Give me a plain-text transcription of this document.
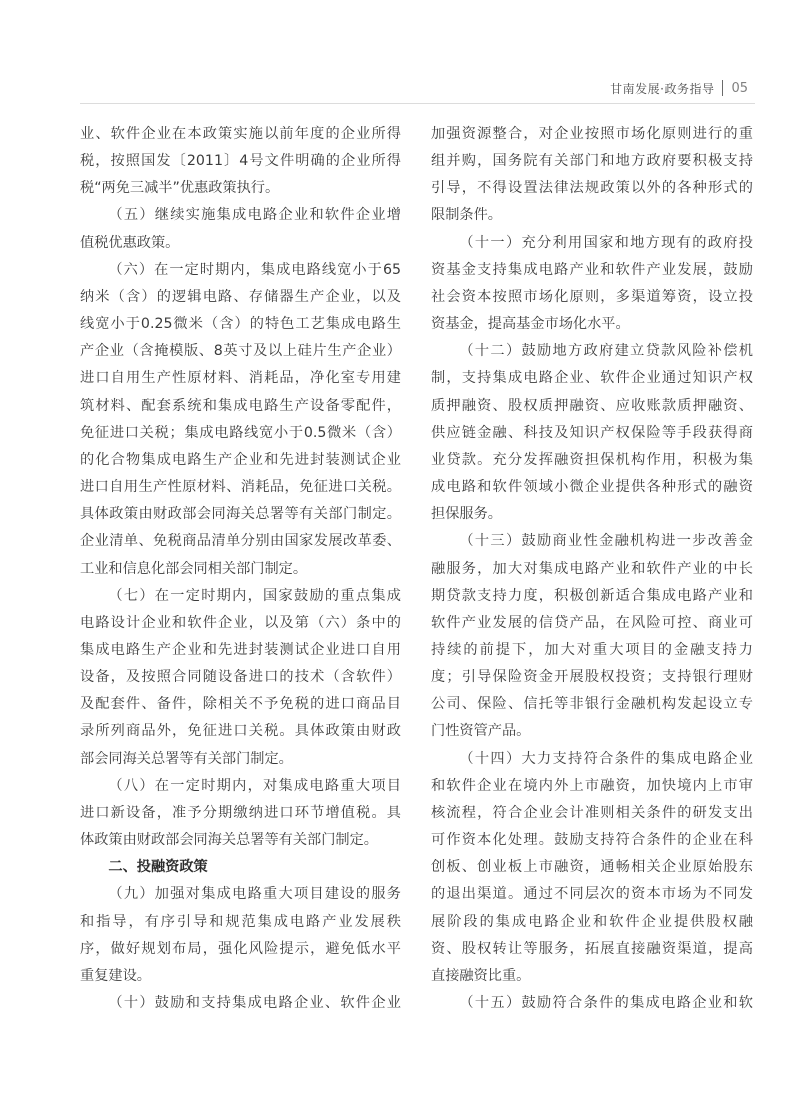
甘南发展·政务指导 05
业、软件企业在本政策实施以前年度的企业所得
税，按照国发〔2011〕4号文件明确的企业所得
税“两免三减半”优惠政策执行。
（五）继续实施集成电路企业和软件企业增
值税优惠政策。
（六）在一定时期内，集成电路线宽小于65
纳米（含）的逻辑电路、存储器生产企业，以及
线宽小于0.25微米（含）的特色工艺集成电路生
产企业（含掩模版、8英寸及以上硅片生产企业）
进口自用生产性原材料、消耗品，净化室专用建
筑材料、配套系统和集成电路生产设备零配件，
免征进口关税；集成电路线宽小于0.5微米（含）
的化合物集成电路生产企业和先进封装测试企业
进口自用生产性原材料、消耗品，免征进口关税。
具体政策由财政部会同海关总署等有关部门制定。
企业清单、免税商品清单分别由国家发展改革委、
工业和信息化部会同相关部门制定。
（七）在一定时期内，国家鼓励的重点集成
电路设计企业和软件企业，以及第（六）条中的
集成电路生产企业和先进封装测试企业进口自用
设备，及按照合同随设备进口的技术（含软件）
及配套件、备件，除相关不予免税的进口商品目
录所列商品外，免征进口关税。具体政策由财政
部会同海关总署等有关部门制定。
（八）在一定时期内，对集成电路重大项目
进口新设备，准予分期缴纳进口环节增值税。具
体政策由财政部会同海关总署等有关部门制定。
二、投融资政策
（九）加强对集成电路重大项目建设的服务
和指导，有序引导和规范集成电路产业发展秩
序，做好规划布局，强化风险提示，避免低水平
重复建设。
（十）鼓励和支持集成电路企业、软件企业
加强资源整合，对企业按照市场化原则进行的重
组并购，国务院有关部门和地方政府要积极支持
引导，不得设置法律法规政策以外的各种形式的
限制条件。
（十一）充分利用国家和地方现有的政府投
资基金支持集成电路产业和软件产业发展，鼓励
社会资本按照市场化原则，多渠道筹资，设立投
资基金，提高基金市场化水平。
（十二）鼓励地方政府建立贷款风险补偿机
制，支持集成电路企业、软件企业通过知识产权
质押融资、股权质押融资、应收账款质押融资、
供应链金融、科技及知识产权保险等手段获得商
业贷款。充分发挥融资担保机构作用，积极为集
成电路和软件领域小微企业提供各种形式的融资
担保服务。
（十三）鼓励商业性金融机构进一步改善金
融服务，加大对集成电路产业和软件产业的中长
期贷款支持力度，积极创新适合集成电路产业和
软件产业发展的信贷产品，在风险可控、商业可
持续的前提下，加大对重大项目的金融支持力
度；引导保险资金开展股权投资；支持银行理财
公司、保险、信托等非银行金融机构发起设立专
门性资管产品。
（十四）大力支持符合条件的集成电路企业
和软件企业在境内外上市融资，加快境内上市审
核流程，符合企业会计准则相关条件的研发支出
可作资本化处理。鼓励支持符合条件的企业在科
创板、创业板上市融资，通畅相关企业原始股东
的退出渠道。通过不同层次的资本市场为不同发
展阶段的集成电路企业和软件企业提供股权融
资、股权转让等服务，拓展直接融资渠道，提高
直接融资比重。
（十五）鼓励符合条件的集成电路企业和软
